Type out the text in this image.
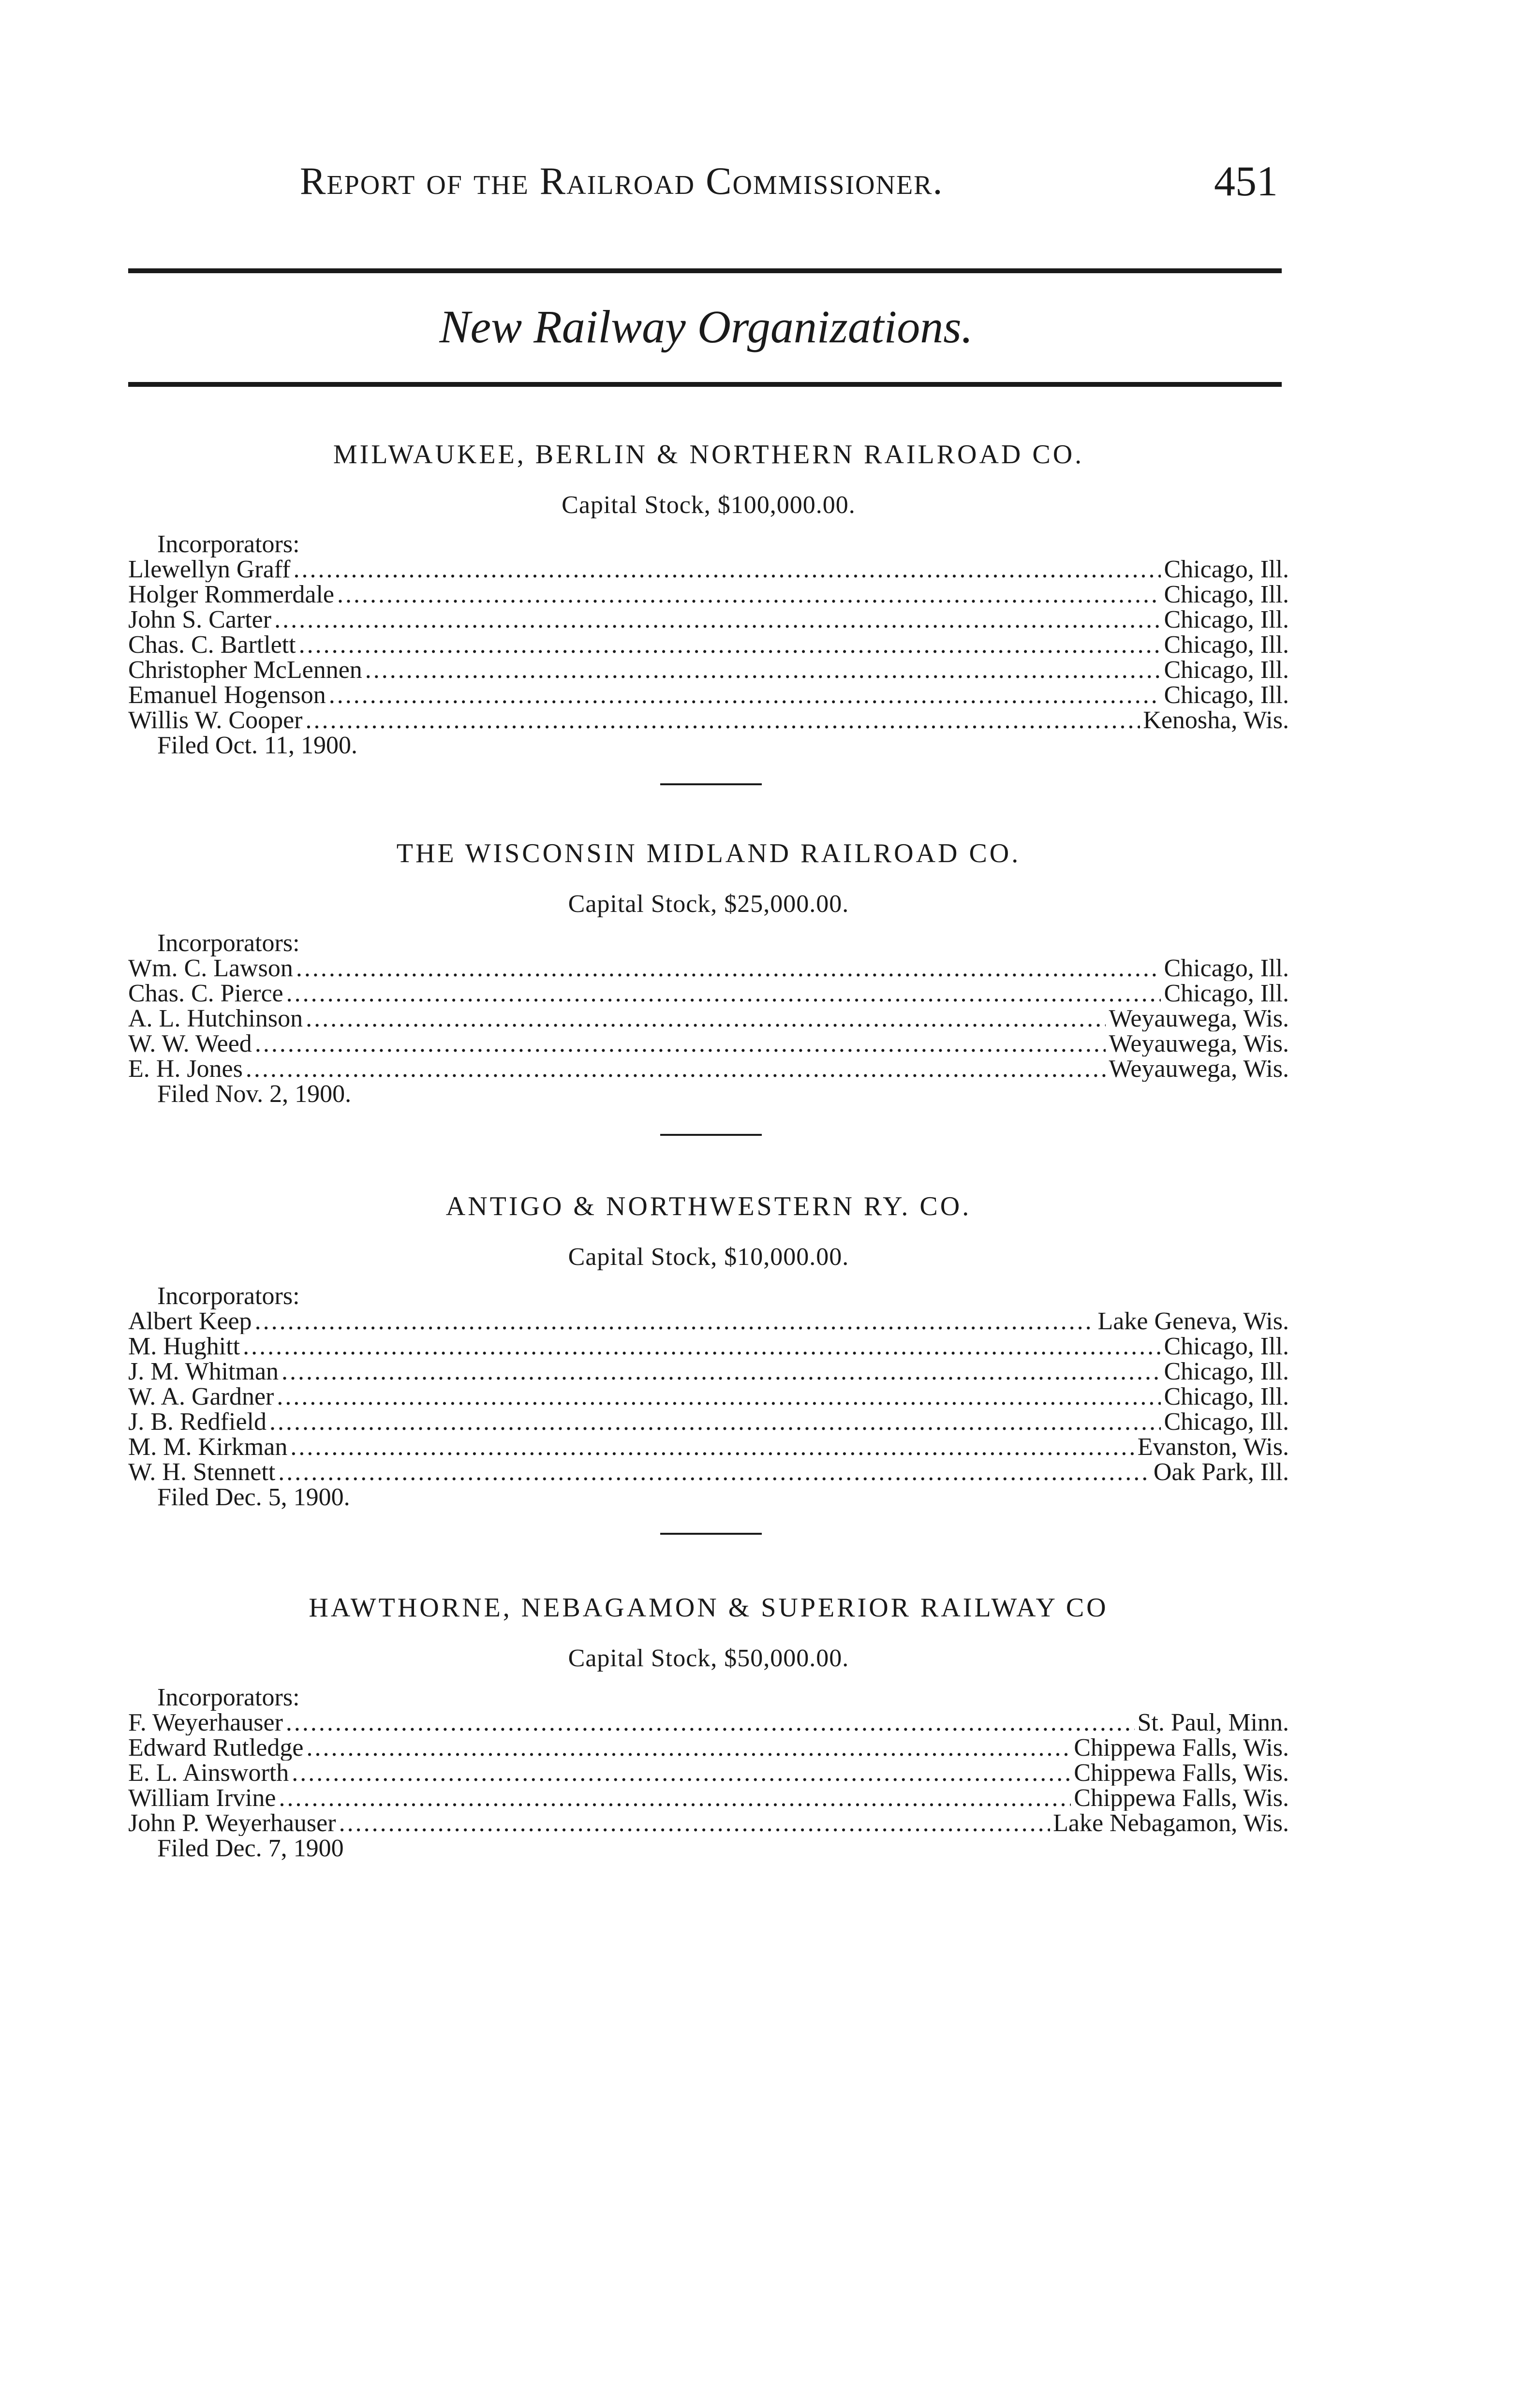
Report of the Railroad Commissioner.	451
New Railway Organizations.
MILWAUKEE, BERLIN & NORTHERN RAILROAD CO.
Capital Stock, $100,000.00.
Incorporators:
Llewellyn Graff .....	Chicago, Ill.
Holger Rommerdale .....	Chicago, Ill.
John S. Carter .....	Chicago, Ill.
Chas. C. Bartlett .....	Chicago, Ill.
Christopher McLennen .....	Chicago, Ill.
Emanuel Hogenson .....	Chicago, Ill.
Willis W. Cooper .....	Kenosha, Wis.
Filed Oct. 11, 1900.
THE WISCONSIN MIDLAND RAILROAD CO.
Capital Stock, $25,000.00.
Incorporators:
Wm. C. Lawson .....	Chicago, Ill.
Chas. C. Pierce .....	Chicago, Ill.
A. L. Hutchinson .....	Weyauwega, Wis.
W. W. Weed .....	Weyauwega, Wis.
E. H. Jones .....	Weyauwega, Wis.
Filed Nov. 2, 1900.
ANTIGO & NORTHWESTERN RY. CO.
Capital Stock, $10,000.00.
Incorporators:
Albert Keep .....	Lake Geneva, Wis.
M. Hughitt .....	Chicago, Ill.
J. M. Whitman .....	Chicago, Ill.
W. A. Gardner .....	Chicago, Ill.
J. B. Redfield .....	Chicago, Ill.
M. M. Kirkman .....	Evanston, Wis.
W. H. Stennett .....	Oak Park, Ill.
Filed Dec. 5, 1900.
HAWTHORNE, NEBAGAMON & SUPERIOR RAILWAY CO
Capital Stock, $50,000.00.
Incorporators:
F. Weyerhauser .....	St. Paul, Minn.
Edward Rutledge .....	Chippewa Falls, Wis.
E. L. Ainsworth .....	Chippewa Falls, Wis.
William Irvine .....	Chippewa Falls, Wis.
John P. Weyerhauser .....	Lake Nebagamon, Wis.
Filed Dec. 7, 1900
